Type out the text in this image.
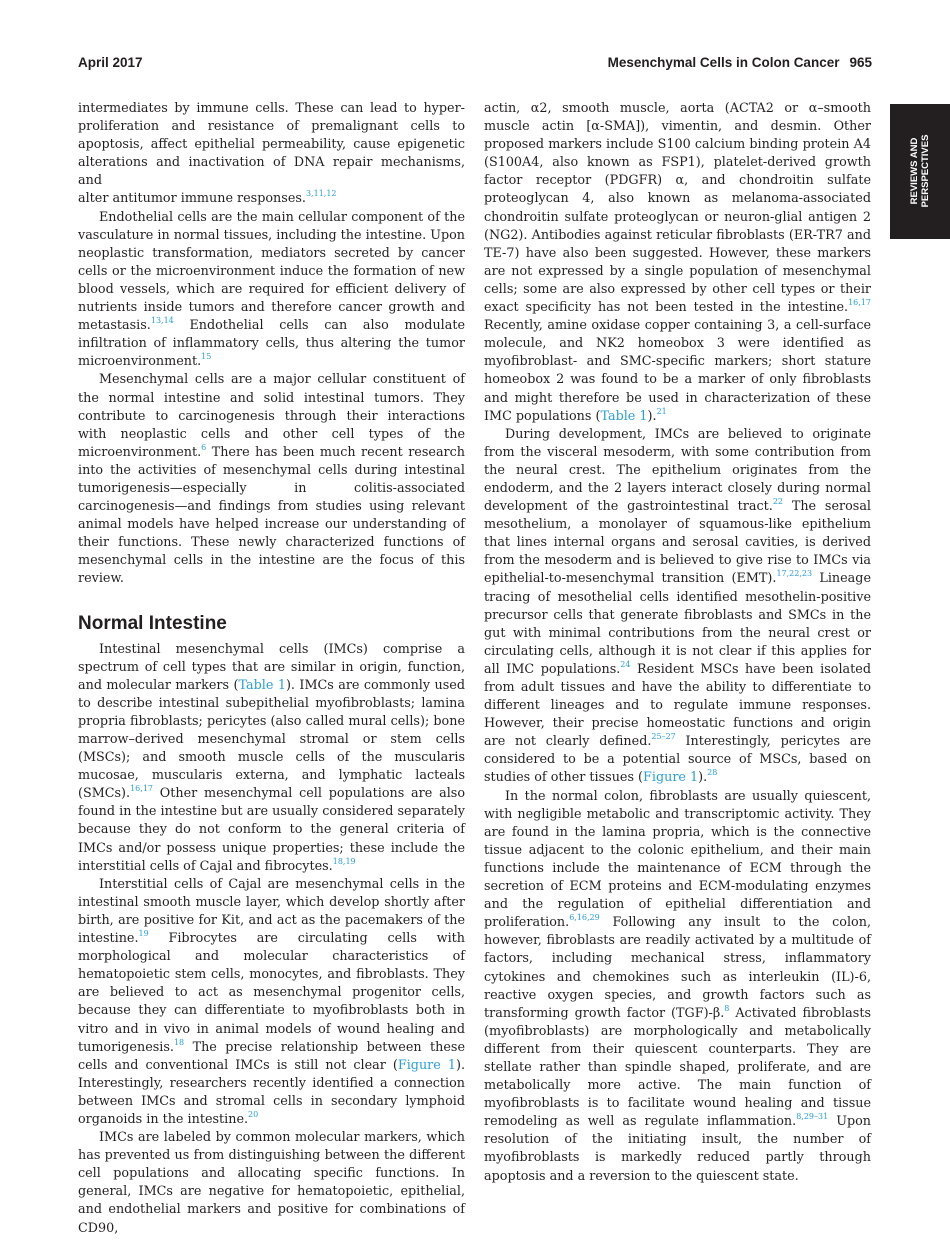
April 2017	Mesenchymal Cells in Colon Cancer 965
REVIEWS AND
PERSPECTIVES

intermediates by immune cells. These can lead to hyper-
proliferation and resistance of premalignant cells to
apoptosis, affect epithelial permeability, cause epigenetic
alterations and inactivation of DNA repair mechanisms, and
alter antitumor immune responses.$^{3,11,12}$

Endothelial cells are the main cellular component of the vasculature in normal tissues, including the intestine. Upon neoplastic transformation, mediators secreted by cancer cells or the microenvironment induce the formation of new blood vessels, which are required for efficient delivery of nutrients inside tumors and therefore cancer growth and metastasis.$^{13,14}$ Endothelial cells can also modulate infiltration of inflammatory cells, thus altering the tumor microenvironment.$^{15}$

Mesenchymal cells are a major cellular constituent of the normal intestine and solid intestinal tumors. They contribute to carcinogenesis through their interactions with neoplastic cells and other cell types of the microenvironment.$^6$ There has been much recent research into the activities of mesenchymal cells during intestinal tumorigenesis—especially in colitis-associated carcinogenesis—and findings from studies using relevant animal models have helped increase our understanding of their functions. These newly characterized functions of mesenchymal cells in the intestine are the focus of this review.

Normal Intestine

Intestinal mesenchymal cells (IMCs) comprise a spectrum of cell types that are similar in origin, function, and molecular markers (Table 1). IMCs are commonly used to describe intestinal subepithelial myofibroblasts; lamina propria fibroblasts; pericytes (also called mural cells); bone marrow–derived mesenchymal stromal or stem cells (MSCs); and smooth muscle cells of the muscularis mucosae, muscularis externa, and lymphatic lacteals (SMCs).$^{16,17}$ Other mesenchymal cell populations are also found in the intestine but are usually considered separately because they do not conform to the general criteria of IMCs and/or possess unique properties; these include the interstitial cells of Cajal and fibrocytes.$^{18,19}$

Interstitial cells of Cajal are mesenchymal cells in the intestinal smooth muscle layer, which develop shortly after birth, are positive for Kit, and act as the pacemakers of the intestine.$^{19}$ Fibrocytes are circulating cells with morphological and molecular characteristics of hematopoietic stem cells, monocytes, and fibroblasts. They are believed to act as mesenchymal progenitor cells, because they can differentiate to myofibroblasts both in vitro and in vivo in animal models of wound healing and tumorigenesis.$^{18}$ The precise relationship between these cells and conventional IMCs is still not clear (Figure 1). Interestingly, researchers recently identified a connection between IMCs and stromal cells in secondary lymphoid organoids in the intestine.$^{20}$

IMCs are labeled by common molecular markers, which has prevented us from distinguishing between the different cell populations and allocating specific functions. In general, IMCs are negative for hematopoietic, epithelial, and endothelial markers and positive for combinations of CD90,

actin, α2, smooth muscle, aorta (ACTA2 or α–smooth muscle actin [α-SMA]), vimentin, and desmin. Other proposed markers include S100 calcium binding protein A4 (S100A4, also known as FSP1), platelet-derived growth factor receptor (PDGFR) α, and chondroitin sulfate proteoglycan 4, also known as melanoma-associated chondroitin sulfate proteoglycan or neuron-glial antigen 2 (NG2). Antibodies against reticular fibroblasts (ER-TR7 and TE-7) have also been suggested. However, these markers are not expressed by a single population of mesenchymal cells; some are also expressed by other cell types or their exact specificity has not been tested in the intestine.$^{16,17}$ Recently, amine oxidase copper containing 3, a cell-surface molecule, and NK2 homeobox 3 were identified as myofibroblast- and SMC-specific markers; short stature homeobox 2 was found to be a marker of only fibroblasts and might therefore be used in characterization of these IMC populations (Table 1).$^{21}$

During development, IMCs are believed to originate from the visceral mesoderm, with some contribution from the neural crest. The epithelium originates from the endoderm, and the 2 layers interact closely during normal development of the gastrointestinal tract.$^{22}$ The serosal mesothelium, a monolayer of squamous-like epithelium that lines internal organs and serosal cavities, is derived from the mesoderm and is believed to give rise to IMCs via epithelial-to-mesenchymal transition (EMT).$^{17,22,23}$ Lineage tracing of mesothelial cells identified mesothelin-positive precursor cells that generate fibroblasts and SMCs in the gut with minimal contributions from the neural crest or circulating cells, although it is not clear if this applies for all IMC populations.$^{24}$ Resident MSCs have been isolated from adult tissues and have the ability to differentiate to different lineages and to regulate immune responses. However, their precise homeostatic functions and origin are not clearly defined.$^{25-27}$ Interestingly, pericytes are considered to be a potential source of MSCs, based on studies of other tissues (Figure 1).$^{28}$

In the normal colon, fibroblasts are usually quiescent, with negligible metabolic and transcriptomic activity. They are found in the lamina propria, which is the connective tissue adjacent to the colonic epithelium, and their main functions include the maintenance of ECM through the secretion of ECM proteins and ECM-modulating enzymes and the regulation of epithelial differentiation and proliferation.$^{6,16,29}$ Following any insult to the colon, however, fibroblasts are readily activated by a multitude of factors, including mechanical stress, inflammatory cytokines and chemokines such as interleukin (IL)-6, reactive oxygen species, and growth factors such as transforming growth factor (TGF)-β.$^8$ Activated fibroblasts (myofibroblasts) are morphologically and metabolically different from their quiescent counterparts. They are stellate rather than spindle shaped, proliferate, and are metabolically more active. The main function of myofibroblasts is to facilitate wound healing and tissue remodeling as well as regulate inflammation.$^{8,29-31}$ Upon resolution of the initiating insult, the number of myofibroblasts is markedly reduced partly through apoptosis and a reversion to the quiescent state.
